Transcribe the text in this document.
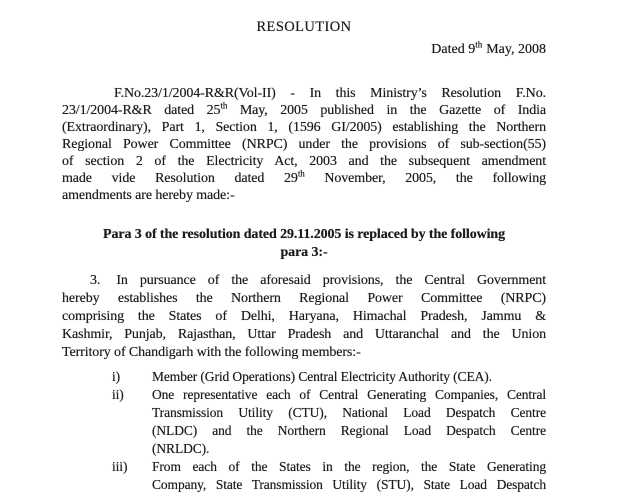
RESOLUTION
Dated 9th May, 2008
F.No.23/1/2004-R&R(Vol-II) - In this Ministry’s Resolution F.No.
23/1/2004-R&R dated 25th May, 2005 published in the Gazette of India
(Extraordinary), Part 1, Section 1, (1596 GI/2005) establishing the Northern
Regional Power Committee (NRPC) under the provisions of sub-section(55)
of section 2 of the Electricity Act, 2003 and the subsequent amendment
made vide Resolution dated 29th November, 2005, the following
amendments are hereby made:-
Para 3 of the resolution dated 29.11.2005 is replaced by the following
para 3:-
3. In pursuance of the aforesaid provisions, the Central Government
hereby establishes the Northern Regional Power Committee (NRPC)
comprising the States of Delhi, Haryana, Himachal Pradesh, Jammu &
Kashmir, Punjab, Rajasthan, Uttar Pradesh and Uttaranchal and the Union
Territory of Chandigarh with the following members:-
i)	Member (Grid Operations) Central Electricity Authority (CEA).
ii)	One representative each of Central Generating Companies, Central
Transmission Utility (CTU), National Load Despatch Centre
(NLDC) and the Northern Regional Load Despatch Centre
(NRLDC).
iii)	From each of the States in the region, the State Generating
Company, State Transmission Utility (STU), State Load Despatch
